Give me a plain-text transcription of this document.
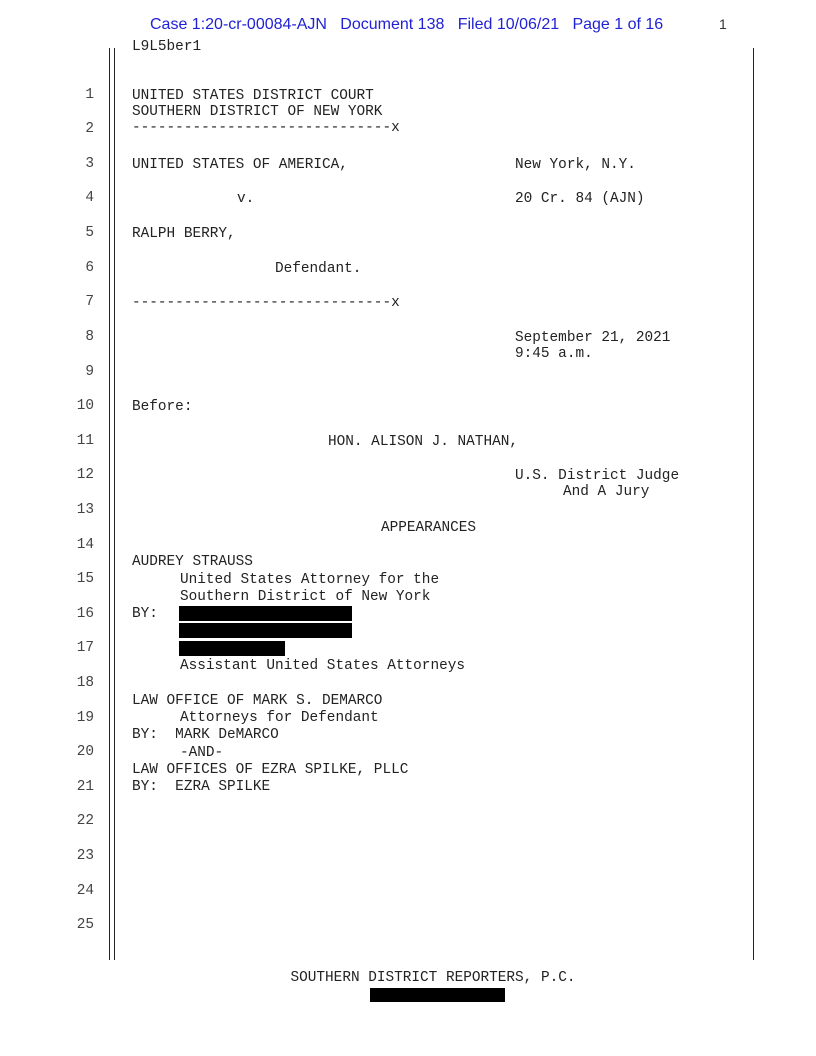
Case 1:20-cr-00084-AJN   Document 138   Filed 10/06/21   Page 1 of 16	1
L9L5ber1
1
2
3
4
5
6
7
8
9
10
11
12
13
14
15
16
17
18
19
20
21
22
23
24
25
UNITED STATES DISTRICT COURT
SOUTHERN DISTRICT OF NEW YORK
------------------------------x
UNITED STATES OF AMERICA,	New York, N.Y.
v.	20 Cr. 84 (AJN)
RALPH BERRY,
Defendant.
------------------------------x
September 21, 2021
9:45 a.m.
Before:
HON. ALISON J. NATHAN,
U.S. District Judge
And A Jury
APPEARANCES
AUDREY STRAUSS
United States Attorney for the
Southern District of New York
BY:
Assistant United States Attorneys
LAW OFFICE OF MARK S. DEMARCO
Attorneys for Defendant
BY:  MARK DeMARCO
-AND-
LAW OFFICES OF EZRA SPILKE, PLLC
BY:  EZRA SPILKE
SOUTHERN DISTRICT REPORTERS, P.C.
